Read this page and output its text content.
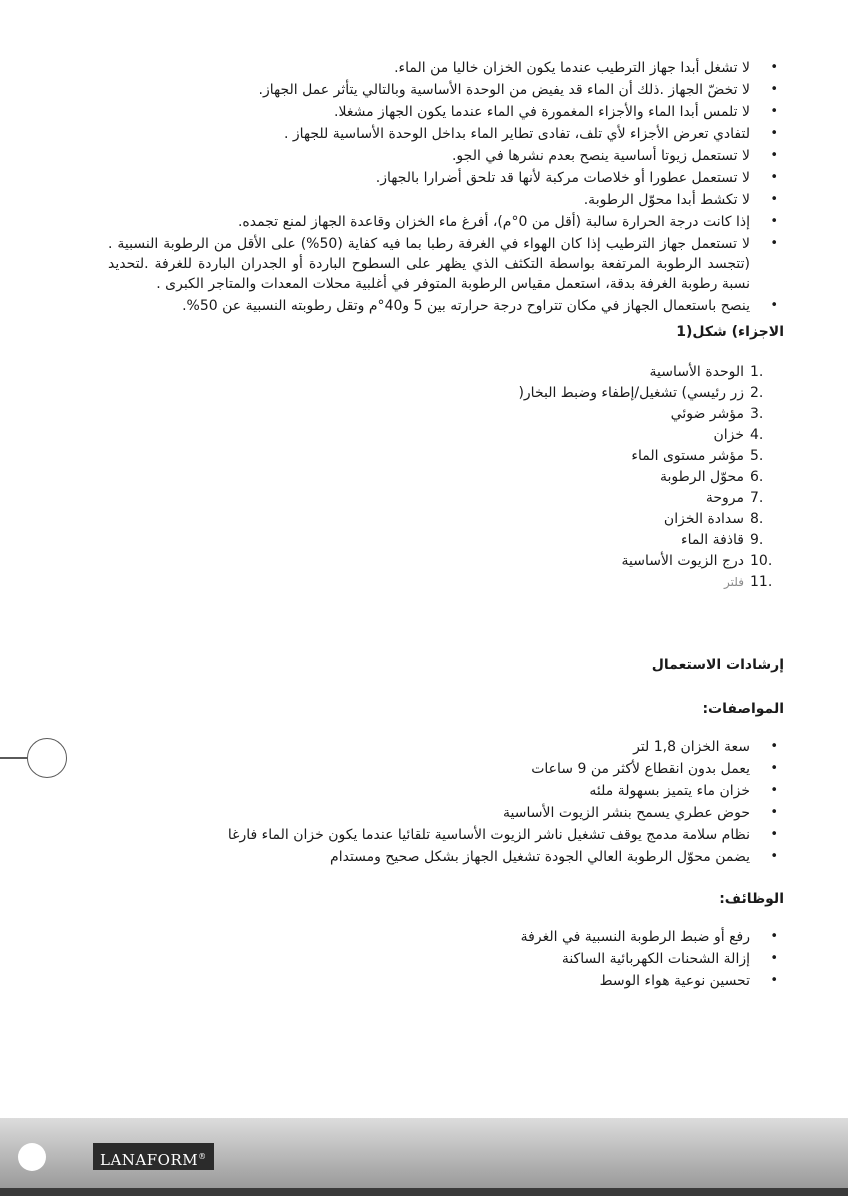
• لا تشغل أبدا جهاز الترطيب عندما يكون الخزان خاليا من الماء.
• لا تخضّ الجهاز .ذلك أن الماء قد يفيض من الوحدة الأساسية وبالتالي يتأثر عمل الجهاز.
• لا تلمس أبدا الماء والأجزاء المغمورة في الماء عندما يكون الجهاز مشغلا.
• لتفادي تعرض الأجزاء لأي تلف، تفادى تطاير الماء بداخل الوحدة الأساسية للجهاز .
• لا تستعمل زيوتا أساسية ينصح بعدم نشرها في الجو.
• لا تستعمل عطورا أو خلاصات مركبة لأنها قد تلحق أضرارا بالجهاز.
• لا تكشط أبدا محوّل الرطوبة.
• إذا كانت درجة الحرارة سالبة (أقل من 0°م)، أفرغ ماء الخزان وقاعدة الجهاز لمنع تجمده.
• لا تستعمل جهاز الترطيب إذا كان الهواء في الغرفة رطبا بما فيه كفاية (50%) على الأقل من الرطوبة النسبية .(تتجسد الرطوبة المرتفعة بواسطة التكثف الذي يظهر على السطوح الباردة أو الجدران الباردة للغرفة .لتحديد نسبة رطوبة الغرفة بدقة، استعمل مقياس الرطوبة المتوفر في أغلبية محلات المعدات والمتاجر الكبرى .
• ينصح باستعمال الجهاز في مكان تتراوح درجة حرارته بين 5 و40°م وتقل رطوبته النسبية عن 50%.
الاجزاء) شكل(1
1.
الوحدة الأساسية
2.
زر رئيسي) تشغيل/إطفاء وضبط البخار(
3.
مؤشر ضوئي
4.
خزان
5.
مؤشر مستوى الماء
6.
محوّل الرطوبة
7.
مروحة
8.
سدادة الخزان
9.
قاذفة الماء
10.
درج الزيوت الأساسية
11.
فلتر
إرشادات الاستعمال
المواصفات:
• سعة الخزان 1,8 لتر
• يعمل بدون انقطاع لأكثر من 9 ساعات
• خزان ماء يتميز بسهولة ملئه
• حوض عطري يسمح بنشر الزيوت الأساسية
• نظام سلامة مدمج يوقف تشغيل ناشر الزيوت الأساسية تلقائيا عندما يكون خزان الماء فارغا
• يضمن محوّل الرطوبة العالي الجودة تشغيل الجهاز بشكل صحيح ومستدام
الوظائف:
• رفع أو ضبط الرطوبة النسبية في الغرفة
• إزالة الشحنات الكهربائية الساكنة
• تحسين نوعية هواء الوسط
LANAFORM®
